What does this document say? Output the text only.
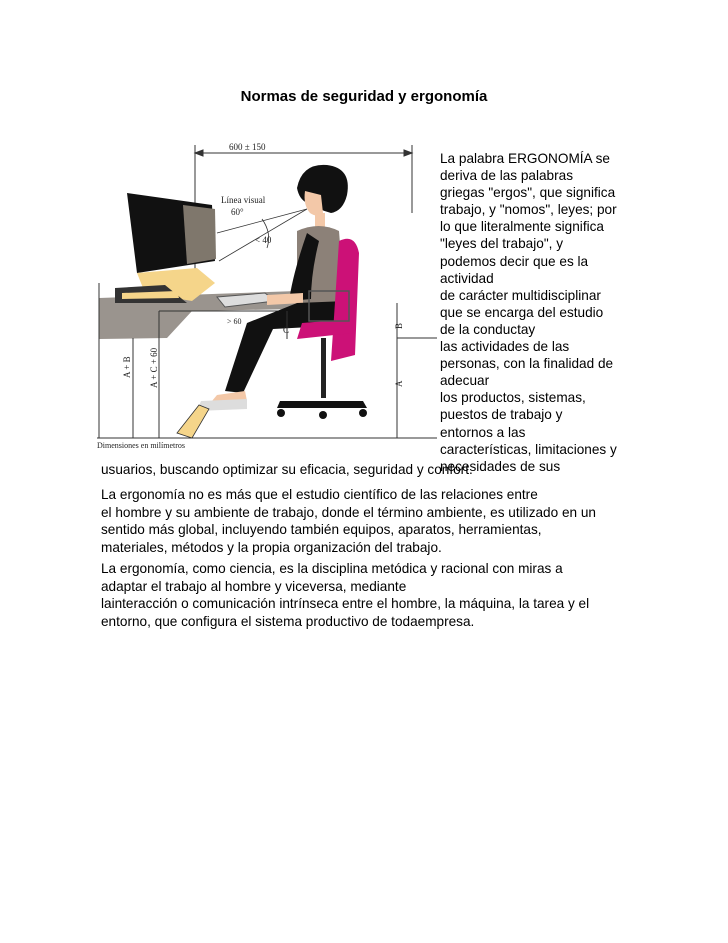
Normas de seguridad y ergonomía
600 ± 150
A + B A + C + 60
Línea visual
60°
< 40
> 60
C	B
A
Dimensiones en milímetros
La palabra ERGONOMÍA se
deriva de las palabras
griegas "ergos", que significa
trabajo, y "nomos", leyes; por
lo que literalmente significa
"leyes del trabajo", y
podemos decir que es la
actividad
de carácter multidisciplinar
que se encarga del estudio
de la conductay
las actividades de las
personas, con la finalidad de
adecuar
los productos, sistemas,
puestos de trabajo y
entornos a las
características, limitaciones y
necesidades de sus
usuarios, buscando optimizar su eficacia, seguridad y confort.
La ergonomía no es más que el estudio científico de las relaciones entre
el hombre y su ambiente de trabajo, donde el término ambiente, es utilizado en un
sentido más global, incluyendo también equipos, aparatos, herramientas,
materiales, métodos y la propia organización del trabajo.
La ergonomía, como ciencia, es la disciplina metódica y racional con miras a
adaptar el trabajo al hombre y viceversa, mediante
lainteracción o comunicación intrínseca entre el hombre, la máquina, la tarea y el
entorno, que configura el sistema productivo de todaempresa.
